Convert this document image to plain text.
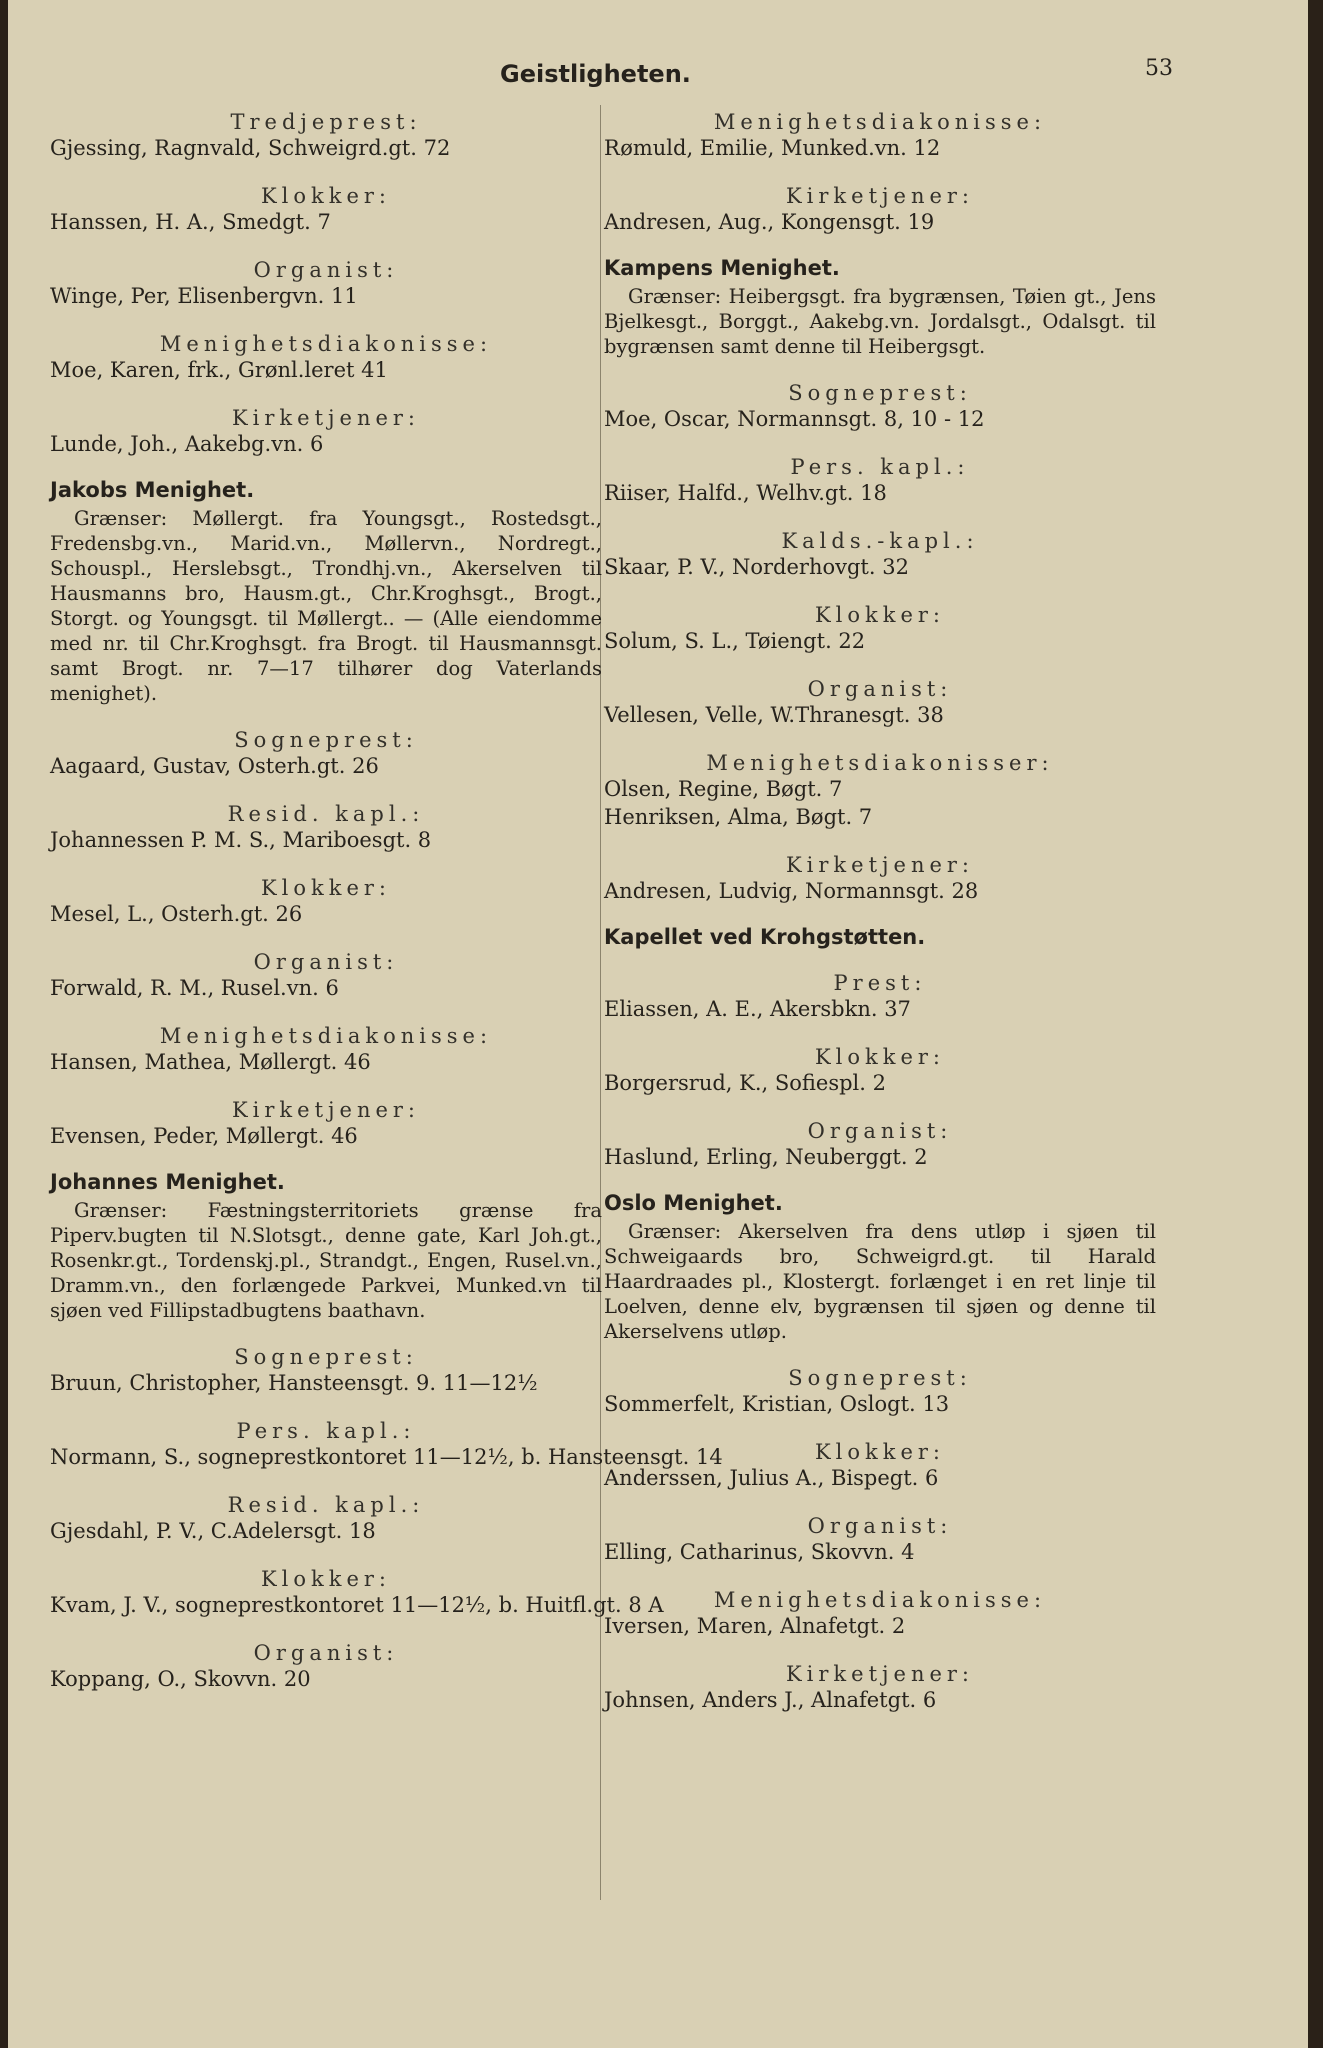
Geistligheten.	53
Tredjeprest:
Gjessing, Ragnvald, Schweigrd.gt. 72
Klokker:
Hanssen, H. A., Smedgt. 7
Organist:
Winge, Per, Elisenbergvn. 11
Menighetsdiakonisse:
Moe, Karen, frk., Grønl.leret 41
Kirketjener:
Lunde, Joh., Aakebg.vn. 6
Jakobs Menighet.
Grænser: Møllergt. fra Youngsgt., Rostedsgt., Fredensbg.vn., Marid.vn., Møllervn., Nordregt., Schouspl., Herslebsgt., Trondhj.vn., Akerselven til Hausmanns bro, Hausm.gt., Chr.Kroghsgt., Brogt., Storgt. og Youngsgt. til Møllergt.. — (Alle eiendomme med nr. til Chr.Kroghsgt. fra Brogt. til Hausmannsgt. samt Brogt. nr. 7—17 tilhører dog Vaterlands menighet).
Sogneprest:
Aagaard, Gustav, Osterh.gt. 26
Resid. kapl.:
Johannessen P. M. S., Mariboesgt. 8
Klokker:
Mesel, L., Osterh.gt. 26
Organist:
Forwald, R. M., Rusel.vn. 6
Menighetsdiakonisse:
Hansen, Mathea, Møllergt. 46
Kirketjener:
Evensen, Peder, Møllergt. 46
Johannes Menighet.
Grænser: Fæstningsterritoriets grænse fra Piperv.bugten til N.Slotsgt., denne gate, Karl Joh.gt., Rosenkr.gt., Tordenskj.pl., Strandgt., Engen, Rusel.vn., Dramm.vn., den forlængede Parkvei, Munked.vn til sjøen ved Fillipstadbugtens baathavn.
Sogneprest:
Bruun, Christopher, Hansteensgt. 9. 11—12½
Pers. kapl.:
Normann, S., sogneprestkontoret 11—12½, b. Hansteensgt. 14
Resid. kapl.:
Gjesdahl, P. V., C.Adelersgt. 18
Klokker:
Kvam, J. V., sogneprestkontoret 11—12½, b. Huitfl.gt. 8 A
Organist:
Koppang, O., Skovvn. 20
Menighetsdiakonisse:
Rømuld, Emilie, Munked.vn. 12
Kirketjener:
Andresen, Aug., Kongensgt. 19
Kampens Menighet.
Grænser: Heibergsgt. fra bygrænsen, Tøien gt., Jens Bjelkesgt., Borggt., Aakebg.vn. Jordalsgt., Odalsgt. til bygrænsen samt denne til Heibergsgt.
Sogneprest:
Moe, Oscar, Normannsgt. 8, 10 - 12
Pers. kapl.:
Riiser, Halfd., Welhv.gt. 18
Kalds.-kapl.:
Skaar, P. V., Norderhovgt. 32
Klokker:
Solum, S. L., Tøiengt. 22
Organist:
Vellesen, Velle, W.Thranesgt. 38
Menighetsdiakonisser:
Olsen, Regine, Bøgt. 7
Henriksen, Alma, Bøgt. 7
Kirketjener:
Andresen, Ludvig, Normannsgt. 28
Kapellet ved Krohgstøtten.
Prest:
Eliassen, A. E., Akersbkn. 37
Klokker:
Borgersrud, K., Sofiespl. 2
Organist:
Haslund, Erling, Neuberggt. 2
Oslo Menighet.
Grænser: Akerselven fra dens utløp i sjøen til Schweigaards bro, Schweigrd.gt. til Harald Haardraades pl., Klostergt. forlænget i en ret linje til Loelven, denne elv, bygrænsen til sjøen og denne til Akerselvens utløp.
Sogneprest:
Sommerfelt, Kristian, Oslogt. 13
Klokker:
Anderssen, Julius A., Bispegt. 6
Organist:
Elling, Catharinus, Skovvn. 4
Menighetsdiakonisse:
Iversen, Maren, Alnafetgt. 2
Kirketjener:
Johnsen, Anders J., Alnafetgt. 6
